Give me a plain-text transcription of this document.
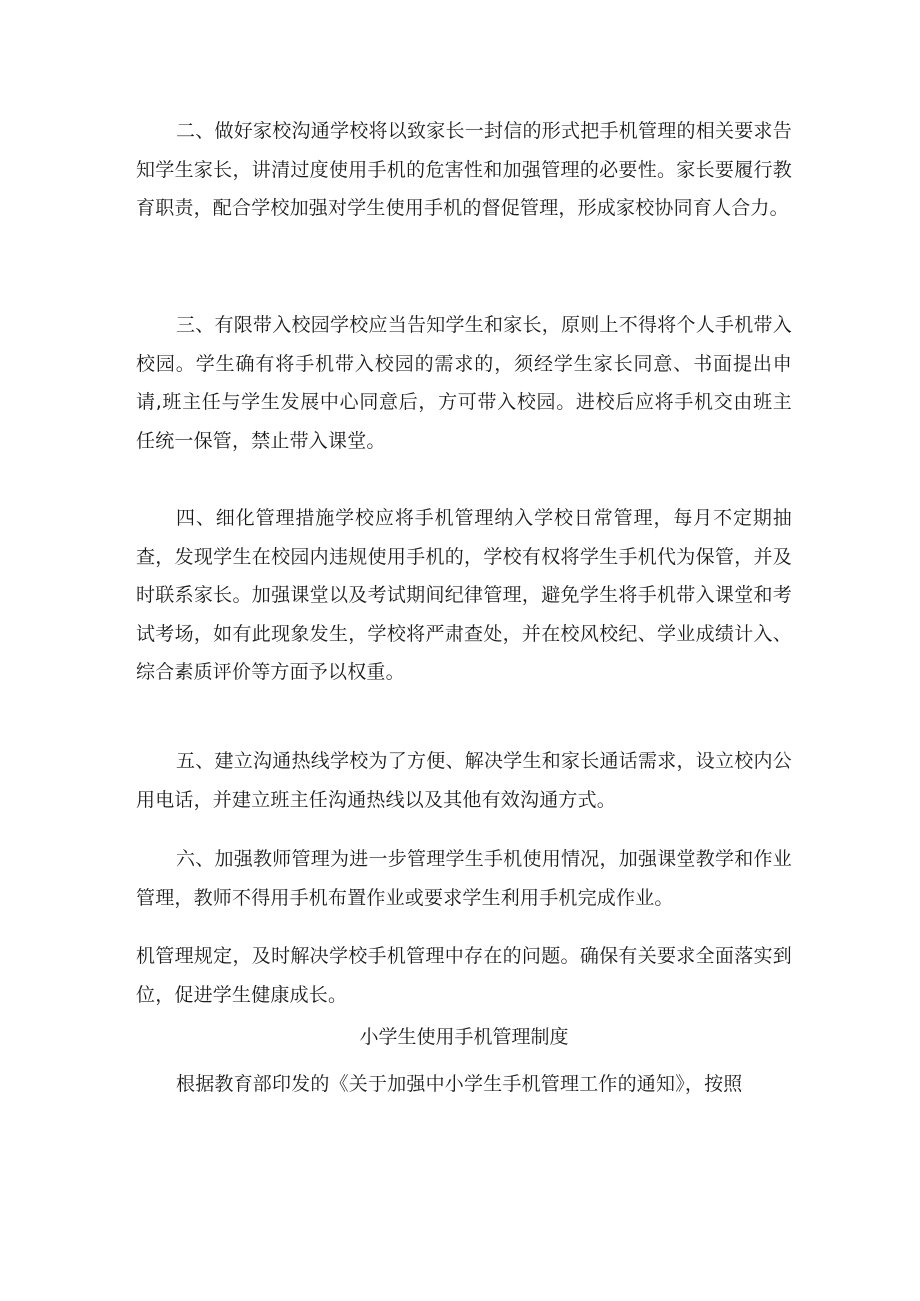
二、做好家校沟通学校将以致家长一封信的形式把手机管理的相关要求告知学生家长，讲清过度使用手机的危害性和加强管理的必要性。家长要履行教育职责，配合学校加强对学生使用手机的督促管理，形成家校协同育人合力。

三、有限带入校园学校应当告知学生和家长，原则上不得将个人手机带入校园。学生确有将手机带入校园的需求的，须经学生家长同意、书面提出申请,班主任与学生发展中心同意后，方可带入校园。进校后应将手机交由班主任统一保管，禁止带入课堂。

四、细化管理措施学校应将手机管理纳入学校日常管理，每月不定期抽查，发现学生在校园内违规使用手机的，学校有权将学生手机代为保管，并及时联系家长。加强课堂以及考试期间纪律管理，避免学生将手机带入课堂和考试考场，如有此现象发生，学校将严肃查处，并在校风校纪、学业成绩计入、综合素质评价等方面予以权重。

五、建立沟通热线学校为了方便、解决学生和家长通话需求，设立校内公用电话，并建立班主任沟通热线以及其他有效沟通方式。

六、加强教师管理为进一步管理学生手机使用情况，加强课堂教学和作业管理，教师不得用手机布置作业或要求学生利用手机完成作业。

机管理规定，及时解决学校手机管理中存在的问题。确保有关要求全面落实到位，促进学生健康成长。

小学生使用手机管理制度

根据教育部印发的《关于加强中小学生手机管理工作的通知》，按照
